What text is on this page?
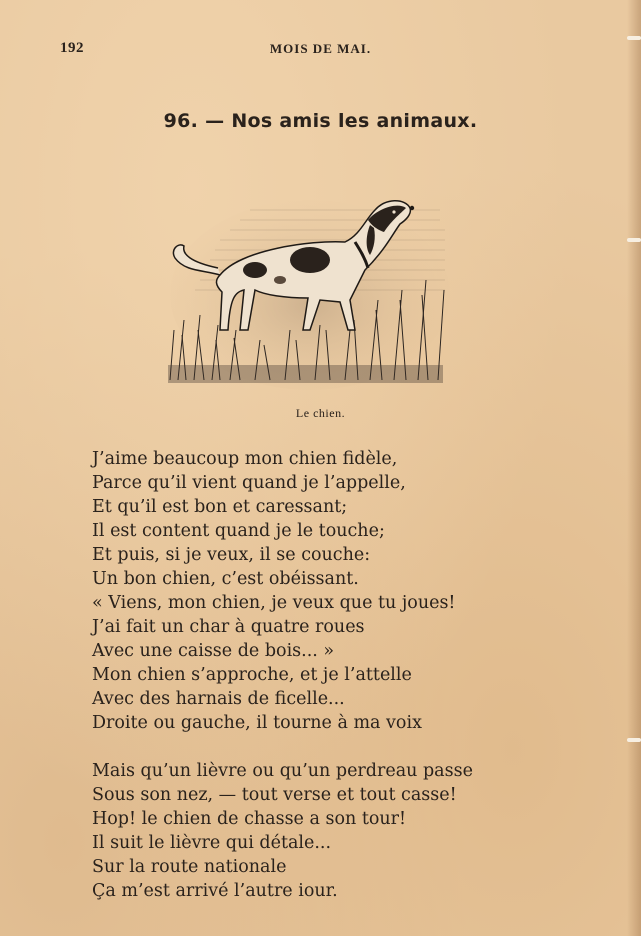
192	MOIS DE MAI.
96. — Nos amis les animaux.
Le chien.
J’aime beaucoup mon chien fidèle,
Parce qu’il vient quand je l’appelle,
Et qu’il est bon et caressant;
Il est content quand je le touche;
Et puis, si je veux, il se couche:
Un bon chien, c’est obéissant.
« Viens, mon chien, je veux que tu joues!
J’ai fait un char à quatre roues
Avec une caisse de bois... »
Mon chien s’approche, et je l’attelle
Avec des harnais de ficelle...
Droite ou gauche, il tourne à ma voix
Mais qu’un lièvre ou qu’un perdreau passe
Sous son nez, — tout verse et tout casse!
Hop! le chien de chasse a son tour!
Il suit le lièvre qui détale...
Sur la route nationale
Ça m’est arrivé l’autre iour.
